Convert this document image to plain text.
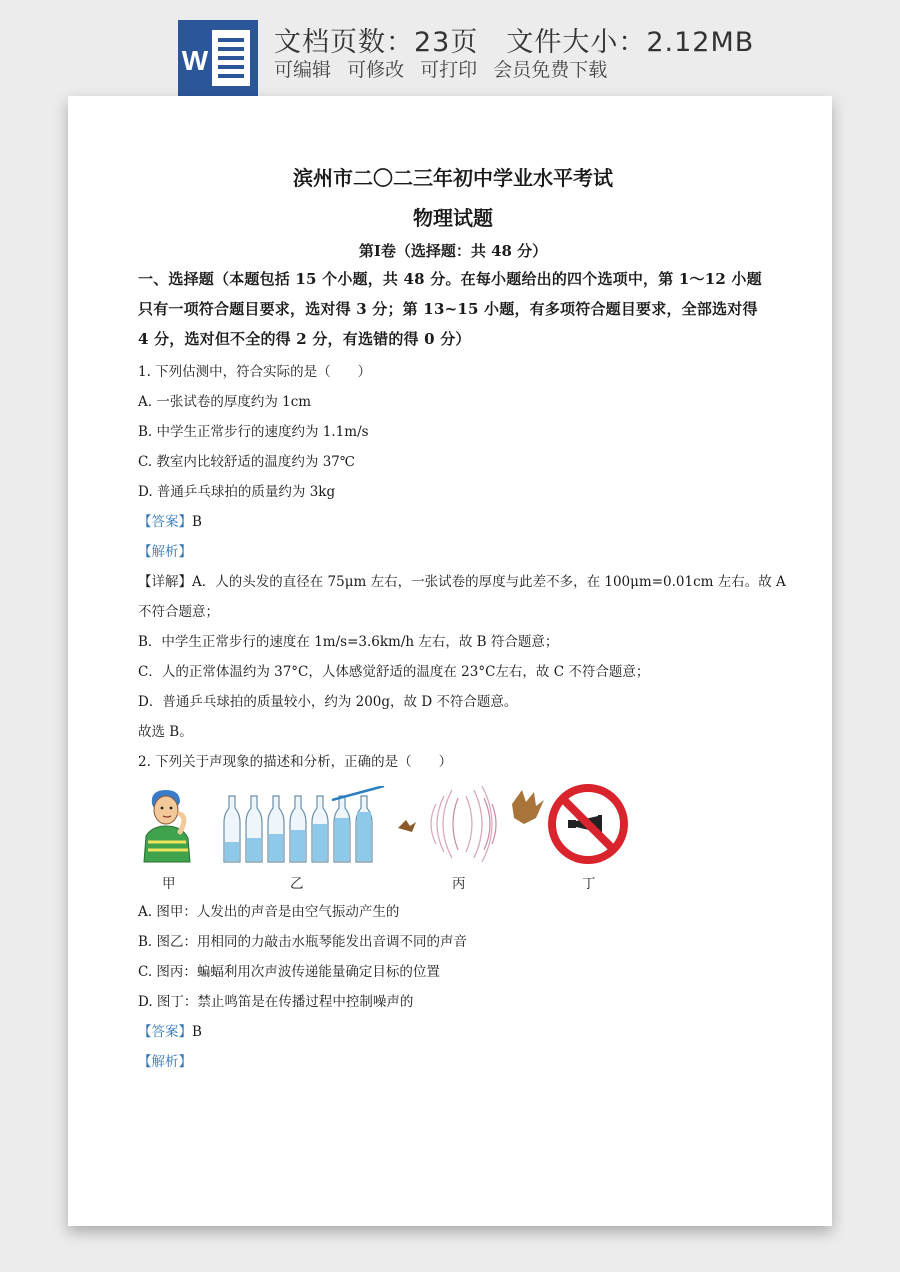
W
文档页数：23页 文件大小：2.12MB
可编辑 可修改 可打印 会员免费下载
滨州市二〇二三年初中学业水平考试
物理试题
第Ⅰ卷（选择题：共 48 分）
一、选择题（本题包括 15 个小题，共 48 分。在每小题给出的四个选项中，第 1～12 小题只有一项符合题目要求，选对得 3 分；第 13~15 小题，有多项符合题目要求，全部选对得 4 分，选对但不全的得 2 分，有选错的得 0 分）
1. 下列估测中，符合实际的是（　　）
A. 一张试卷的厚度约为 1cm
B. 中学生正常步行的速度约为 1.1m/s
C. 教室内比较舒适的温度约为 37℃
D. 普通乒乓球拍的质量约为 3kg
【答案】B
【解析】
【详解】A．人的头发的直径在 75μm 左右，一张试卷的厚度与此差不多，在 100μm=0.01cm 左右。故 A
不符合题意；
B．中学生正常步行的速度在 1m/s=3.6km/h 左右，故 B 符合题意；
C．人的正常体温约为 37°C，人体感觉舒适的温度在 23°C左右，故 C 不符合题意；
D．普通乒乓球拍的质量较小，约为 200g，故 D 不符合题意。
故选 B。
2. 下列关于声现象的描述和分析，正确的是（　　）
甲	乙	丙	丁
A. 图甲：人发出的声音是由空气振动产生的
B. 图乙：用相同的力敲击水瓶琴能发出音调不同的声音
C. 图丙：蝙蝠利用次声波传递能量确定目标的位置
D. 图丁：禁止鸣笛是在传播过程中控制噪声的
【答案】B
【解析】
